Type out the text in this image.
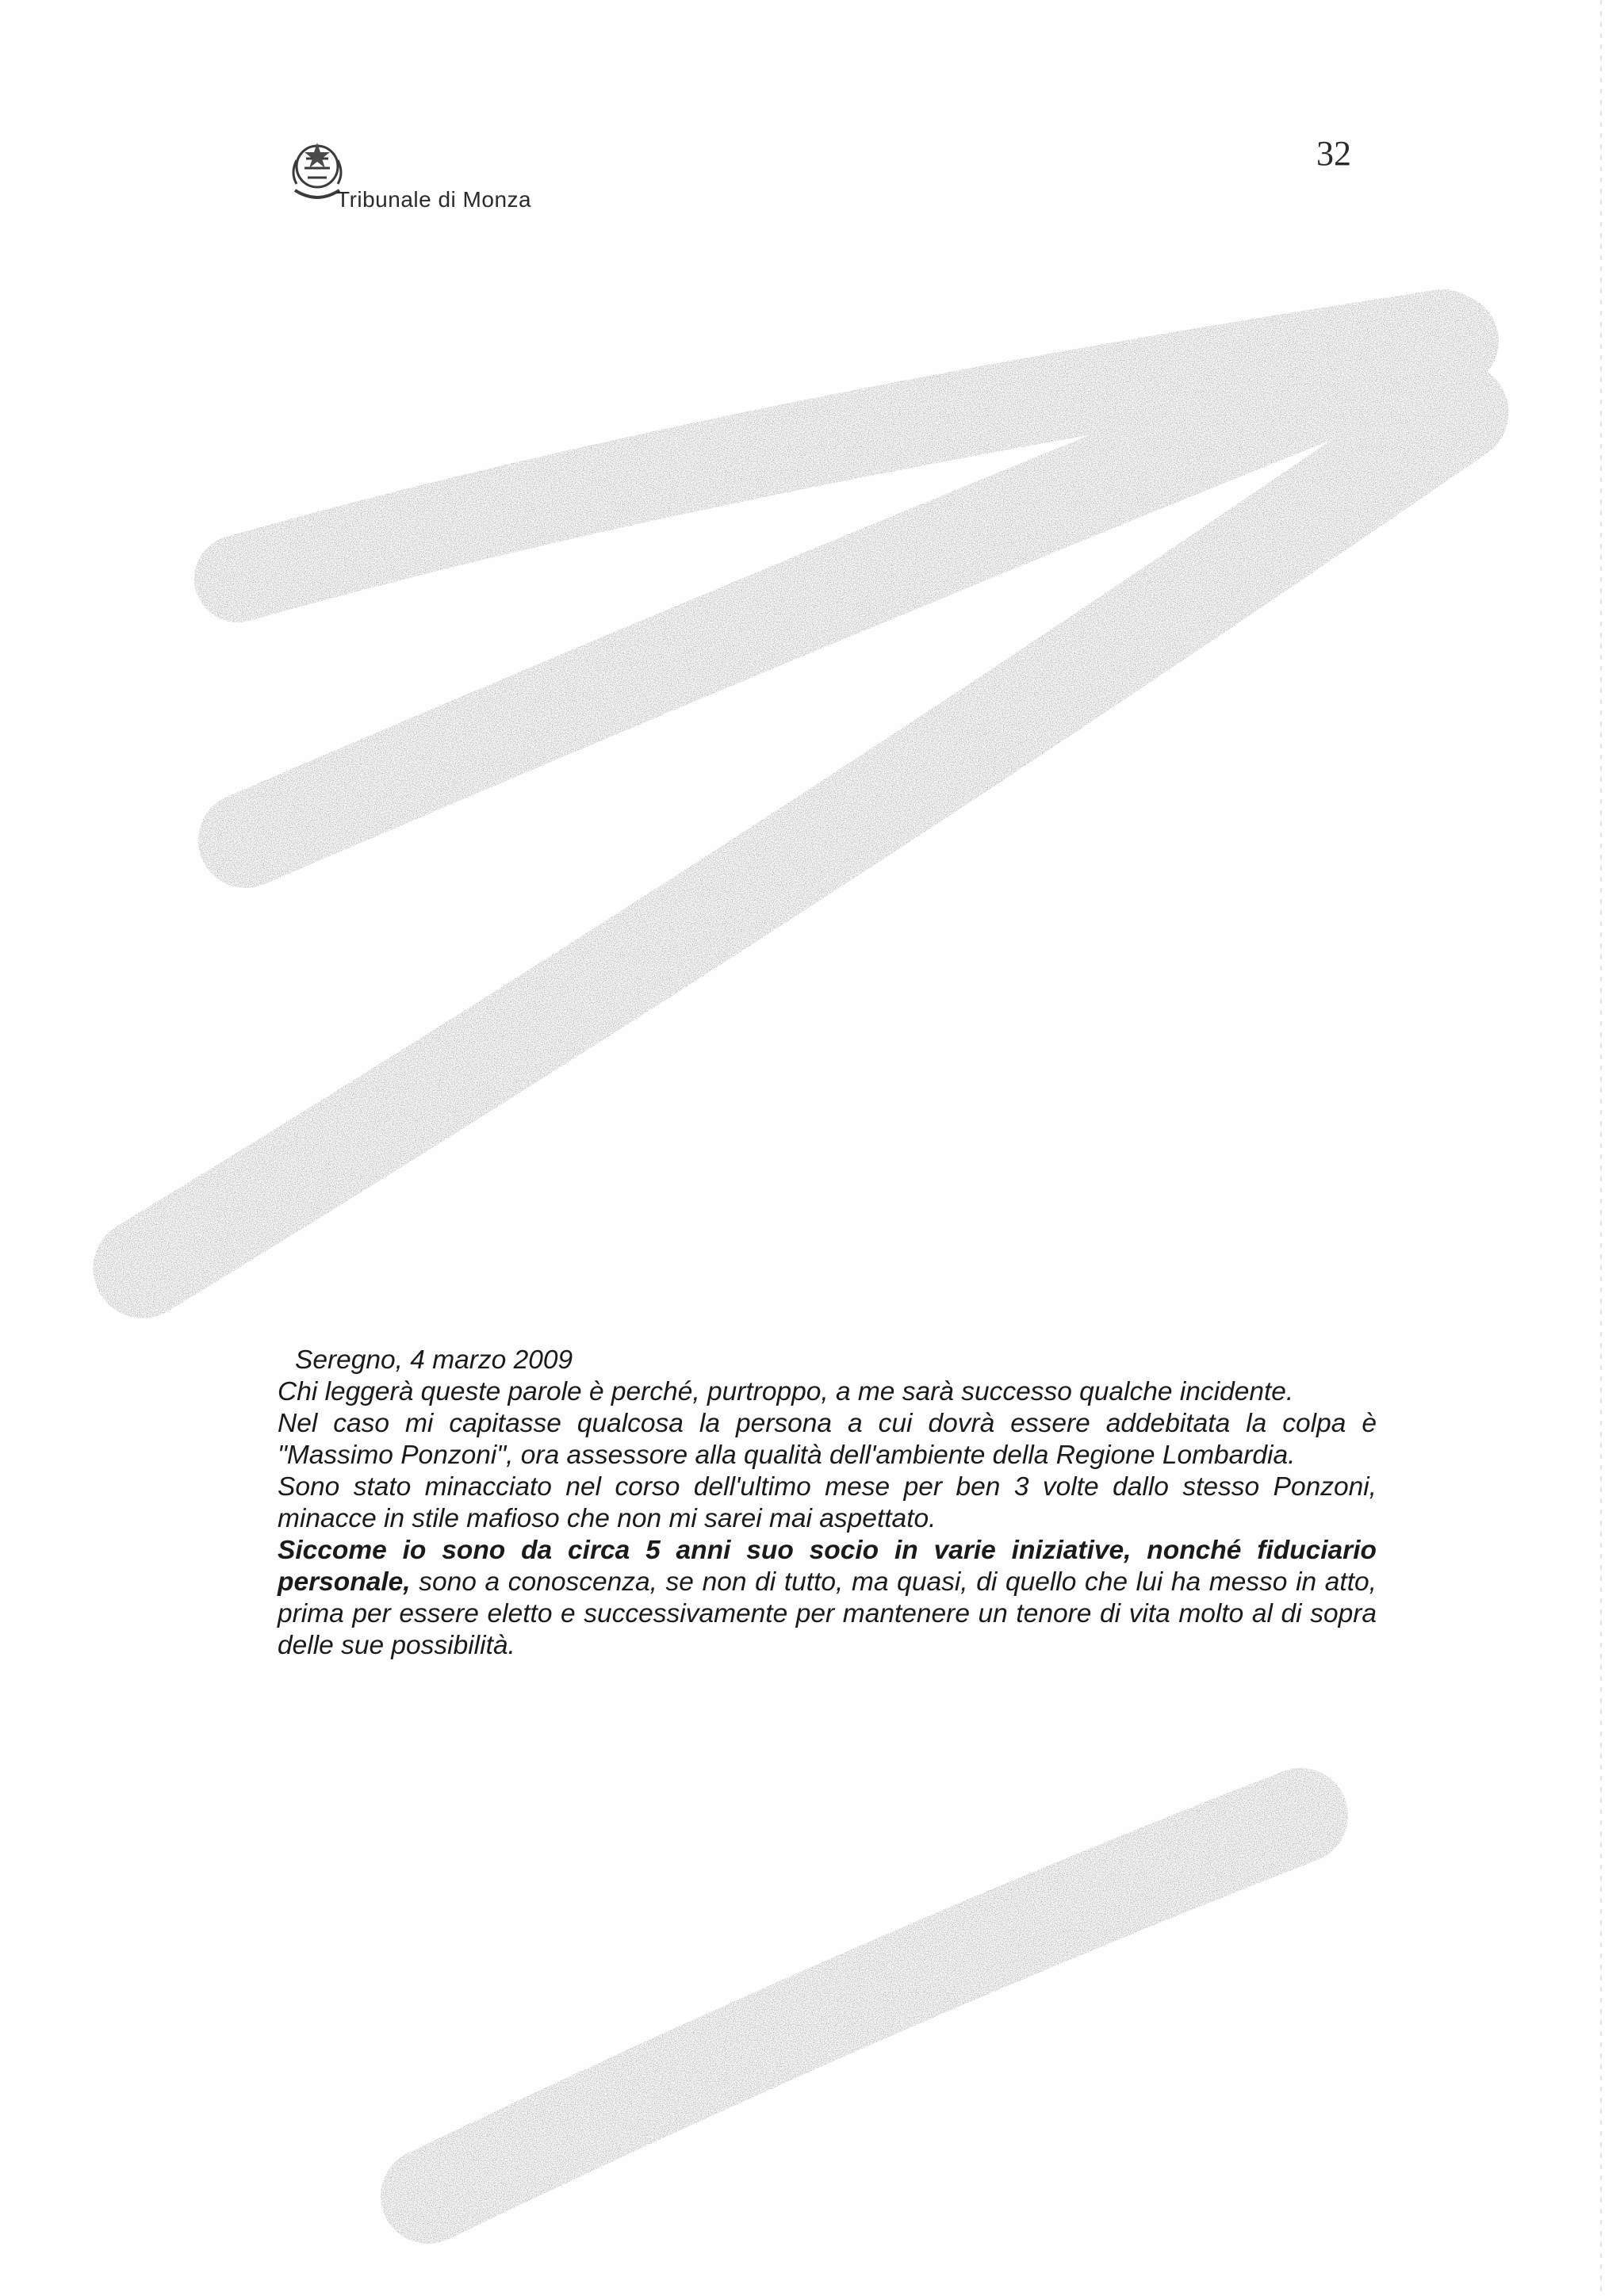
Tribunale di Monza
32

Seregno, 4 marzo 2009

Chi leggerà queste parole è perché, purtroppo, a me sarà successo qualche incidente.

Nel caso mi capitasse qualcosa la persona a cui dovrà essere addebitata la colpa è "Massimo Ponzoni", ora assessore alla qualità dell'ambiente della Regione Lombardia.

Sono stato minacciato nel corso dell'ultimo mese per ben 3 volte dallo stesso Ponzoni, minacce in stile mafioso che non mi sarei mai aspettato.

Siccome io sono da circa 5 anni suo socio in varie iniziative, nonché fiduciario personale, sono a conoscenza, se non di tutto, ma quasi, di quello che lui ha messo in atto, prima per essere eletto e successivamente per mantenere un tenore di vita molto al di sopra delle sue possibilità.
